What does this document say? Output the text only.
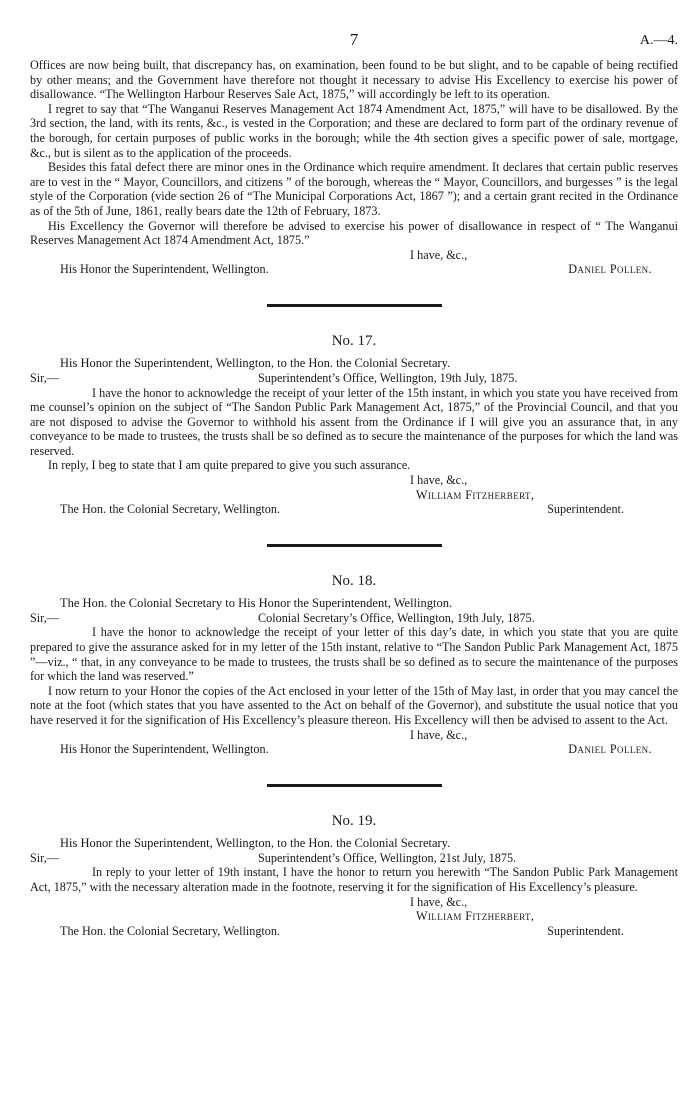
7	A.—4.

Offices are now being built, that discrepancy has, on examination, been found to be but slight, and to be capable of being rectified by other means; and the Government have therefore not thought it necessary to advise His Excellency to exercise his power of disallowance. “The Wellington Harbour Reserves Sale Act, 1875,” will accordingly be left to its operation.

I regret to say that “The Wanganui Reserves Management Act 1874 Amendment Act, 1875,” will have to be disallowed. By the 3rd section, the land, with its rents, &c., is vested in the Corporation; and these are declared to form part of the ordinary revenue of the borough, for certain purposes of public works in the borough; while the 4th section gives a specific power of sale, mortgage, &c., but is silent as to the application of the proceeds.

Besides this fatal defect there are minor ones in the Ordinance which require amendment. It declares that certain public reserves are to vest in the “ Mayor, Councillors, and citizens ” of the borough, whereas the “ Mayor, Councillors, and burgesses ” is the legal style of the Corporation (vide section 26 of “The Municipal Corporations Act, 1867 ”); and a certain grant recited in the Ordinance as of the 5th of June, 1861, really bears date the 12th of February, 1873.

His Excellency the Governor will therefore be advised to exercise his power of disallowance in respect of “ The Wanganui Reserves Management Act 1874 Amendment Act, 1875.”

I have, &c.,
His Honor the Superintendent, Wellington.	Daniel Pollen.
No. 17.
His Honor the Superintendent, Wellington, to the Hon. the Colonial Secretary.
Sir,—	Superintendent’s Office, Wellington, 19th July, 1875.

I have the honor to acknowledge the receipt of your letter of the 15th instant, in which you state you have received from me counsel’s opinion on the subject of “The Sandon Public Park Management Act, 1875,” of the Provincial Council, and that you are not disposed to advise the Governor to withhold his assent from the Ordinance if I will give you an assurance that, in any conveyance to be made to trustees, the trusts shall be so defined as to secure the maintenance of the purposes for which the land was reserved.

In reply, I beg to state that I am quite prepared to give you such assurance.

I have, &c.,
William Fitzherbert,
The Hon. the Colonial Secretary, Wellington.	Superintendent.
No. 18.
The Hon. the Colonial Secretary to His Honor the Superintendent, Wellington.
Sir,—	Colonial Secretary’s Office, Wellington, 19th July, 1875.

I have the honor to acknowledge the receipt of your letter of this day’s date, in which you state that you are quite prepared to give the assurance asked for in my letter of the 15th instant, relative to “The Sandon Public Park Management Act, 1875 ”—viz., “ that, in any conveyance to be made to trustees, the trusts shall be so defined as to secure the maintenance of the purposes for which the land was reserved.”

I now return to your Honor the copies of the Act enclosed in your letter of the 15th of May last, in order that you may cancel the note at the foot (which states that you have assented to the Act on behalf of the Governor), and substitute the usual notice that you have reserved it for the signification of His Excellency’s pleasure thereon. His Excellency will then be advised to assent to the Act.

I have, &c.,
His Honor the Superintendent, Wellington.	Daniel Pollen.
No. 19.
His Honor the Superintendent, Wellington, to the Hon. the Colonial Secretary.
Sir,—	Superintendent’s Office, Wellington, 21st July, 1875.

In reply to your letter of 19th instant, I have the honor to return you herewith “The Sandon Public Park Management Act, 1875,” with the necessary alteration made in the footnote, reserving it for the signification of His Excellency’s pleasure.

I have, &c.,
William Fitzherbert,
The Hon. the Colonial Secretary, Wellington.	Superintendent.
